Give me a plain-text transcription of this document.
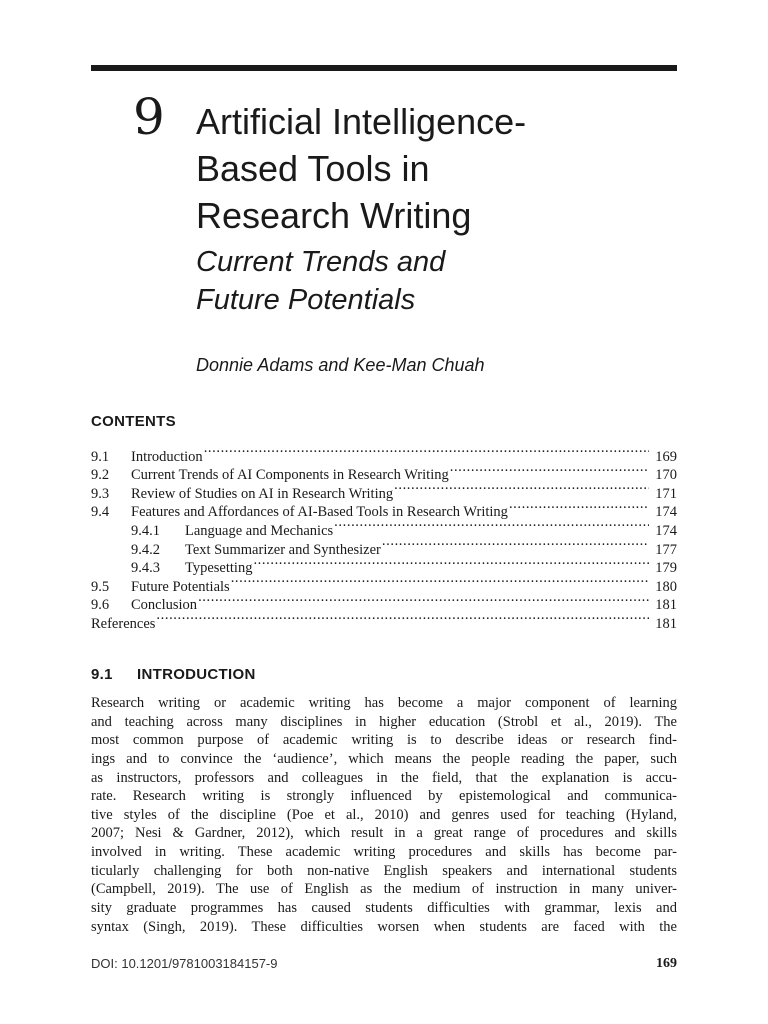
9 Artificial Intelligence-
Based Tools in
Research Writing
Current Trends and
Future Potentials
Donnie Adams and Kee-Man Chuah
CONTENTS
9.1	Introduction .....	169
9.2	Current Trends of AI Components in Research Writing .....	170
9.3	Review of Studies on AI in Research Writing .....	171
9.4	Features and Affordances of AI-Based Tools in Research Writing .....	174
9.4.1	Language and Mechanics .....	174
9.4.2	Text Summarizer and Synthesizer .....	177
9.4.3	Typesetting .....	179
9.5	Future Potentials .....	180
9.6	Conclusion .....	181
References .....	181
9.1 INTRODUCTION
Research writing or academic writing has become a major component of learning
and teaching across many disciplines in higher education (Strobl et al., 2019). The
most common purpose of academic writing is to describe ideas or research find-
ings and to convince the ‘audience’, which means the people reading the paper, such
as instructors, professors and colleagues in the field, that the explanation is accu-
rate. Research writing is strongly influenced by epistemological and communica-
tive styles of the discipline (Poe et al., 2010) and genres used for teaching (Hyland,
2007; Nesi & Gardner, 2012), which result in a great range of procedures and skills
involved in writing. These academic writing procedures and skills has become par-
ticularly challenging for both non-native English speakers and international students
(Campbell, 2019). The use of English as the medium of instruction in many univer-
sity graduate programmes has caused students difficulties with grammar, lexis and
syntax (Singh, 2019). These difficulties worsen when students are faced with the
DOI: 10.1201/9781003184157-9	169
